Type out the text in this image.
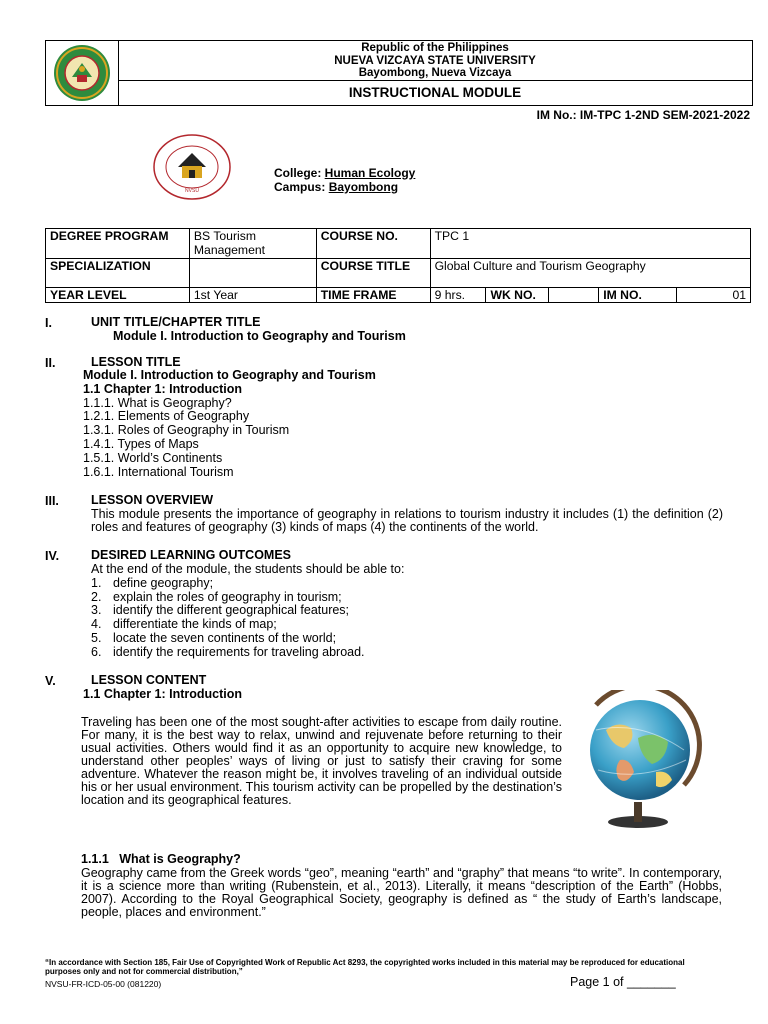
Republic of the Philippines
NUEVA VIZCAYA STATE UNIVERSITY
Bayombong, Nueva Vizcaya
INSTRUCTIONAL MODULE
IM No.: IM-TPC 1-2ND SEM-2021-2022
NVSU
College: Human Ecology
Campus: Bayombong
DEGREE PROGRAM	BS Tourism Management	COURSE NO.	TPC 1				
SPECIALIZATION		COURSE TITLE	Global Culture and Tourism Geography				
YEAR LEVEL	1st Year	TIME FRAME	9 hrs.	WK NO.		IM NO.	01
I.	UNIT TITLE/CHAPTER TITLE
Module I. Introduction to Geography and Tourism
II.	LESSON TITLE
Module I. Introduction to Geography and Tourism
1.1 Chapter 1: Introduction
1.1.1. What is Geography?
1.2.1. Elements of Geography
1.3.1. Roles of Geography in Tourism
1.4.1. Types of Maps
1.5.1. World’s Continents
1.6.1. International Tourism
III.	LESSON OVERVIEW
This module presents the importance of geography in relations to tourism industry it includes (1) the definition (2) roles and features of geography (3) kinds of maps (4) the continents of the world.
IV.	DESIRED LEARNING OUTCOMES
At the end of the module, the students should be able to:
1. define geography;
2. explain the roles of geography in tourism;
3. identify the different geographical features;
4. differentiate the kinds of map;
5. locate the seven continents of the world;
6. identify the requirements for traveling abroad.
V.	LESSON CONTENT
1.1 Chapter 1: Introduction
Traveling has been one of the most sought-after activities to escape from daily routine. For many, it is the best way to relax, unwind and rejuvenate before returning to their usual activities. Others would find it as an opportunity to acquire new knowledge, to understand other peoples’ ways of living or just to satisfy their craving for some adventure. Whatever the reason might be, it involves traveling of an individual outside his or her usual environment. This tourism activity can be propelled by the destination’s location and its geographical features.
1.1.1 What is Geography?
Geography came from the Greek words “geo”, meaning “earth” and “graphy” that means “to write”. In contemporary, it is a science more than writing (Rubenstein, et al., 2013). Literally, it means “description of the Earth” (Hobbs, 2007). According to the Royal Geographical Society, geography is defined as “ the study of Earth’s landscape, people, places and environment.”
“In accordance with Section 185, Fair Use of Copyrighted Work of Republic Act 8293, the copyrighted works included in this material may be reproduced for educational purposes only and not for commercial distribution,”
NVSU-FR-ICD-05-00 (081220)	Page 1 of _______
